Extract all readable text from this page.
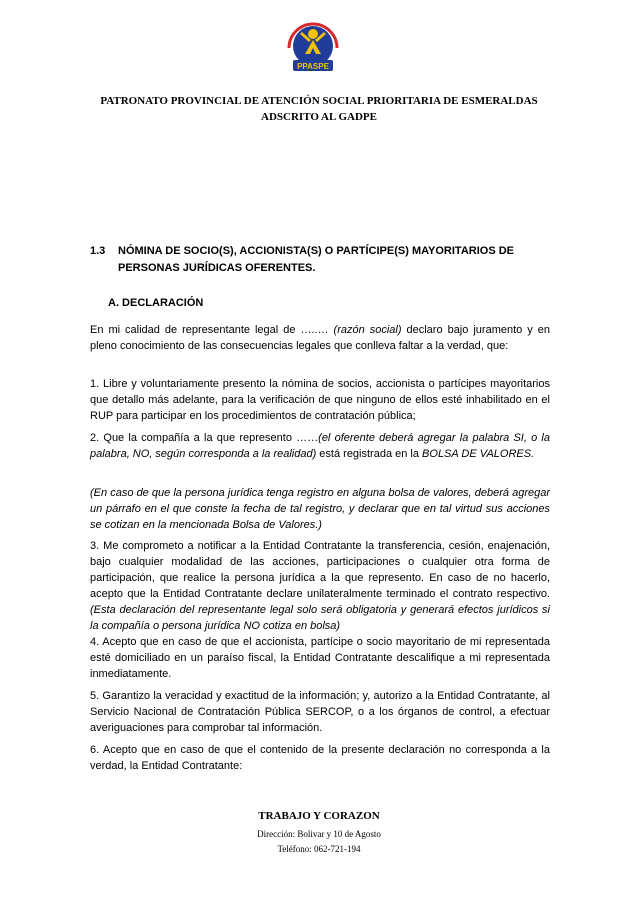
PPASPE
PATRONATO PROVINCIAL DE ATENCIÓN SOCIAL PRIORITARIA DE ESMERALDAS
ADSCRITO AL GADPE
1.3 NÓMINA DE SOCIO(S), ACCIONISTA(S) O PARTÍCIPE(S) MAYORITARIOS DE PERSONAS JURÍDICAS OFERENTES.
A. DECLARACIÓN

En mi calidad de representante legal de …..… (razón social) declaro bajo juramento y en pleno conocimiento de las consecuencias legales que conlleva faltar a la verdad, que:

1. Libre y voluntariamente presento la nómina de socios, accionista o partícipes mayoritarios que detallo más adelante, para la verificación de que ninguno de ellos esté inhabilitado en el RUP para participar en los procedimientos de contratación pública;

2. Que la compañía a la que represento ……(el oferente deberá agregar la palabra SI, o la palabra, NO, según corresponda a la realidad) está registrada en la BOLSA DE VALORES.

(En caso de que la persona jurídica tenga registro en alguna bolsa de valores, deberá agregar un párrafo en el que conste la fecha de tal registro, y declarar que en tal virtud sus acciones se cotizan en la mencionada Bolsa de Valores.)

3. Me comprometo a notificar a la Entidad Contratante la transferencia, cesión, enajenación, bajo cualquier modalidad de las acciones, participaciones o cualquier otra forma de participación, que realice la persona jurídica a la que represento. En caso de no hacerlo, acepto que la Entidad Contratante declare unilateralmente terminado el contrato respectivo.(Esta declaración del representante legal solo será obligatoria y generará efectos jurídicos si la compañía o persona jurídica NO cotiza en bolsa)

4. Acepto que en caso de que el accionista, partícipe o socio mayoritario de mi representada esté domiciliado en un paraíso fiscal, la Entidad Contratante descalifique a mi representada inmediatamente.

5. Garantizo la veracidad y exactitud de la información; y, autorizo a la Entidad Contratante, al Servicio Nacional de Contratación Pública SERCOP, o a los órganos de control, a efectuar averiguaciones para comprobar tal información.

6. Acepto que en caso de que el contenido de la presente declaración no corresponda a la verdad, la Entidad Contratante:

TRABAJO Y CORAZON
Dirección: Bolivar y 10 de Agosto
Teléfono: 062-721-194
